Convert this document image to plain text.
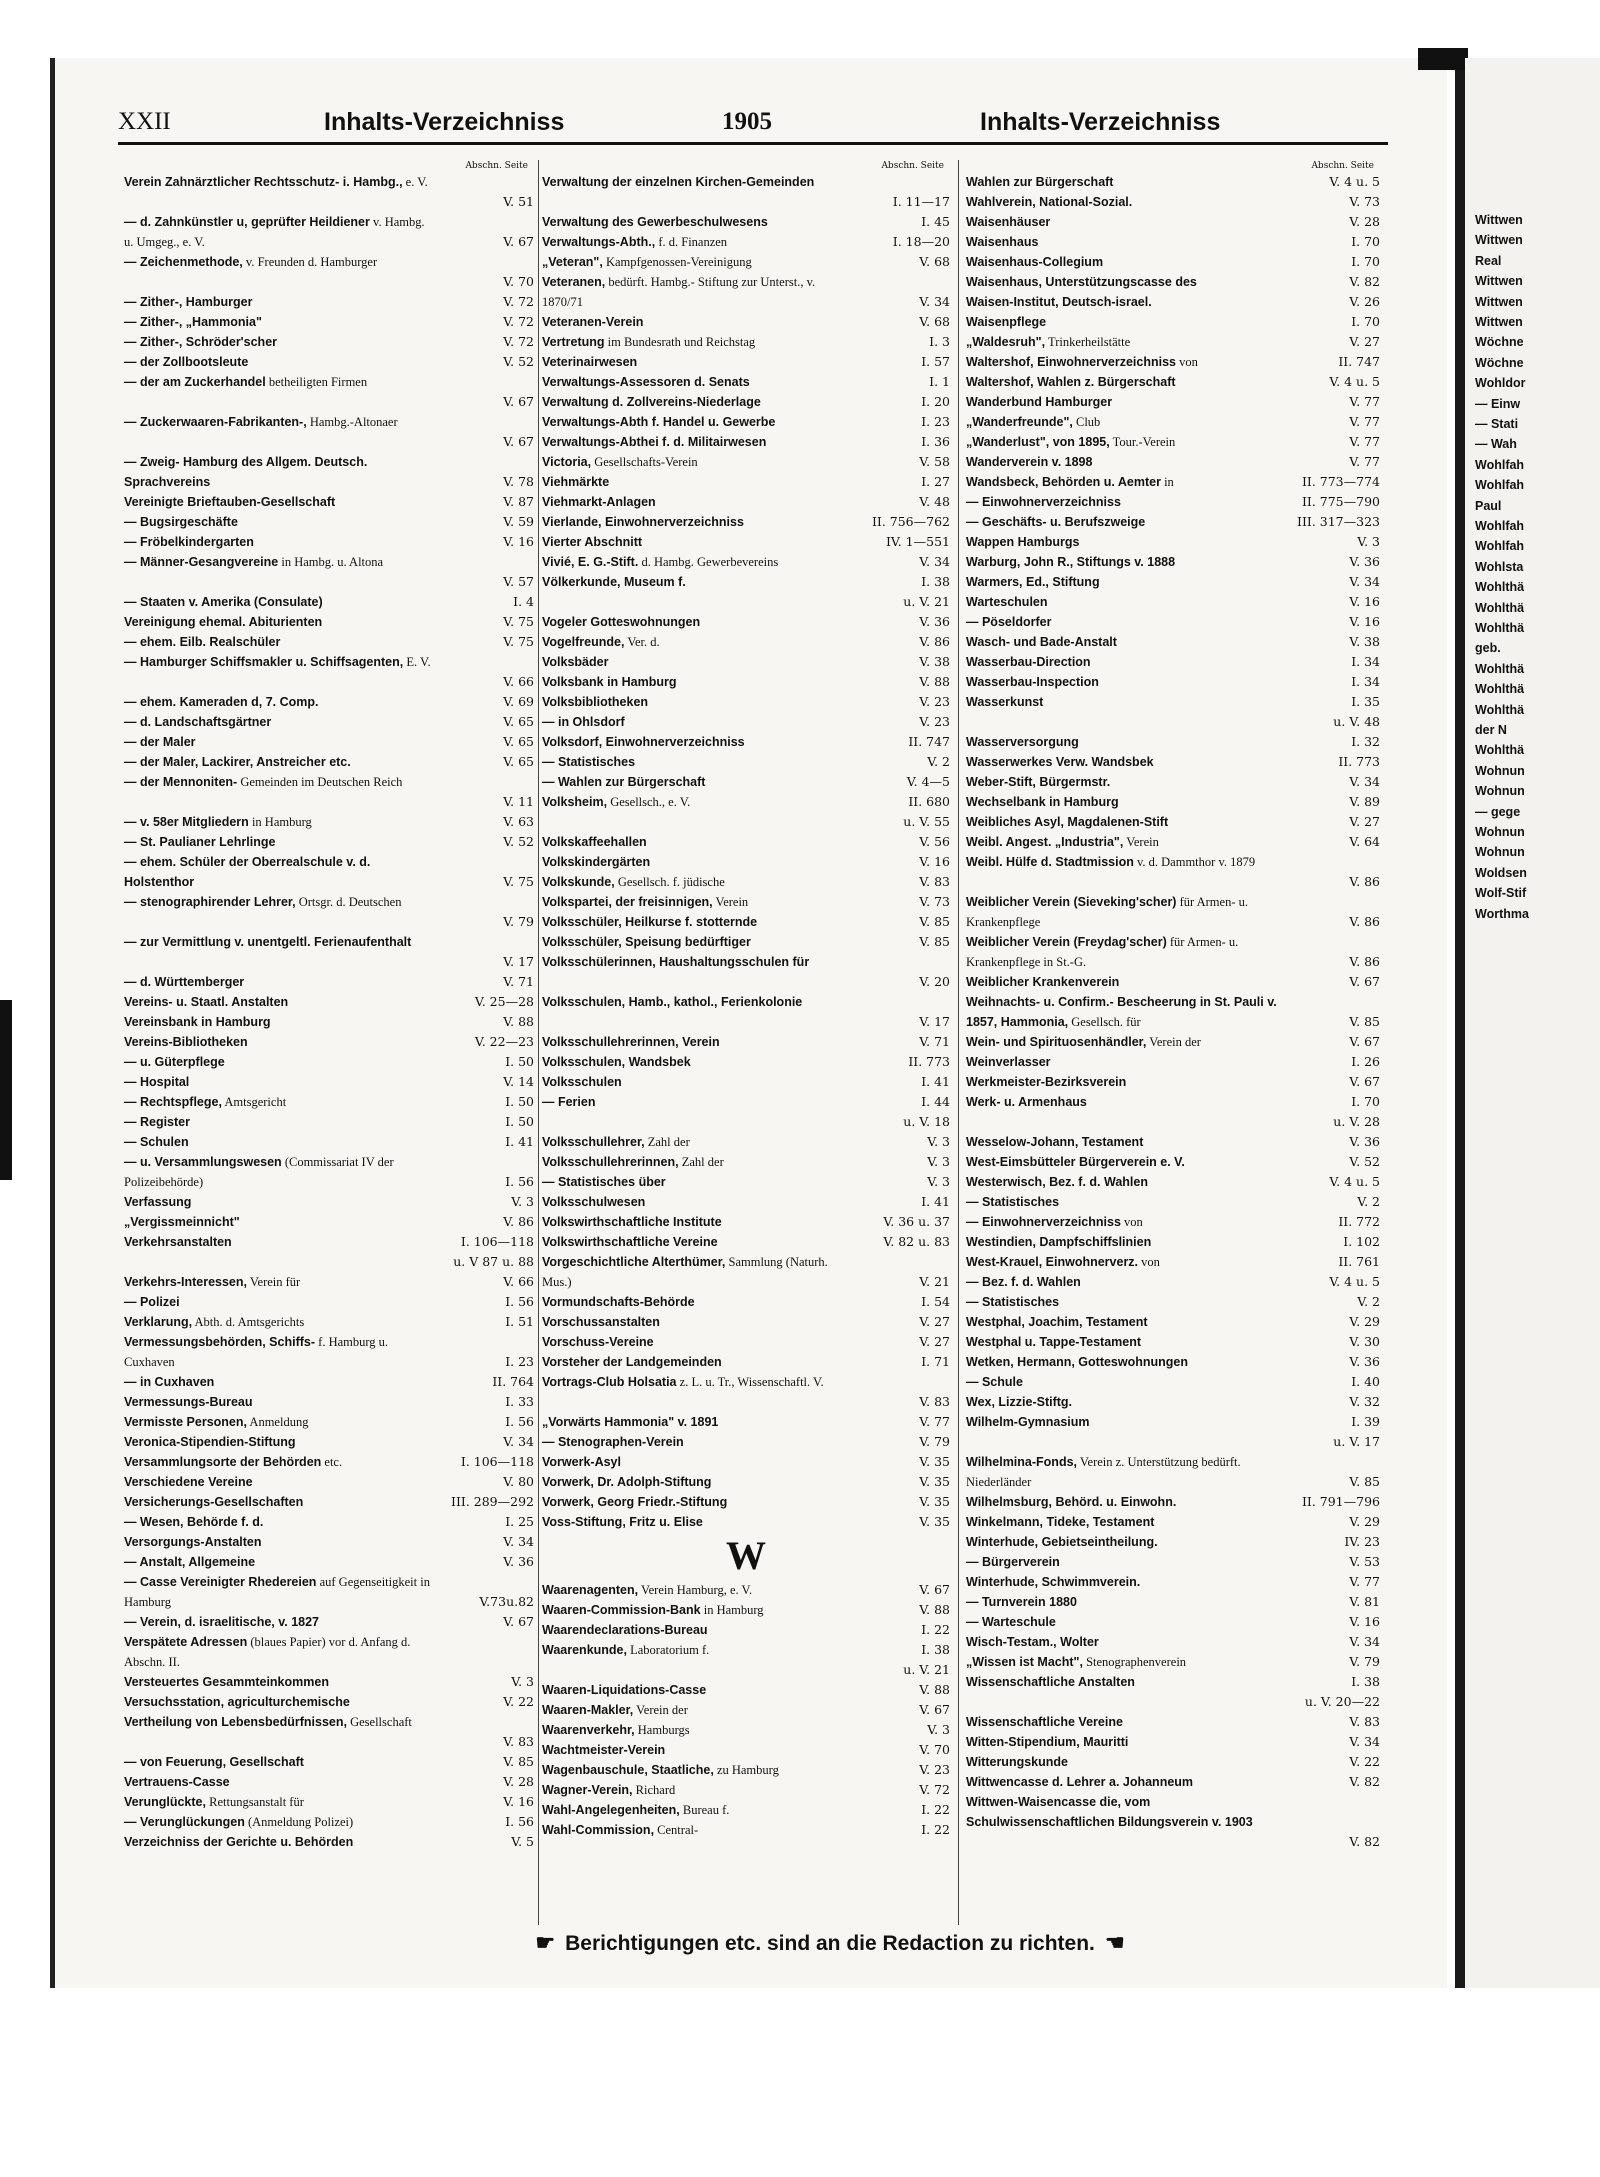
Wittwen
Wittwen
Real
Wittwen
Wittwen
Wittwen
Wöchne
Wöchne
Wohldor
— Einw
— Stati
— Wah
Wohlfah
Wohlfah
Paul
Wohlfah
Wohlfah
Wohlsta
Wohlthä
Wohlthä
Wohlthä
geb.
Wohlthä
Wohlthä
Wohlthä
der N
Wohlthä
Wohnun
Wohnun
— gege
Wohnun
Wohnun
Woldsen
Wolf-Stif
Worthma
XXII	Inhalts-Verzeichniss	1905	Inhalts-Verzeichniss
Abschn. Seite
Verein Zahnärztlicher Rechtsschutz- i. Hambg., e. V.
V. 51
— d. Zahnkünstler u, geprüfter Heildiener v. Hambg. u. Umgeg., e. V.	V. 67
— Zeichenmethode, v. Freunden d. Hamburger
V. 70
— Zither-, Hamburger	V. 72
— Zither-, „Hammonia"	V. 72
— Zither-, Schröder'scher	V. 72
— der Zollbootsleute	V. 52
— der am Zuckerhandel betheiligten Firmen
V. 67
— Zuckerwaaren-Fabrikanten-, Hambg.-Altonaer
V. 67
— Zweig- Hamburg des Allgem. Deutsch. Sprachvereins	V. 78
Vereinigte Brieftauben-Gesellschaft	V. 87
— Bugsirgeschäfte	V. 59
— Fröbelkindergarten	V. 16
— Männer-Gesangvereine in Hambg. u. Altona
V. 57
— Staaten v. Amerika (Consulate)	I. 4
Vereinigung ehemal. Abiturienten	V. 75
— ehem. Eilb. Realschüler	V. 75
— Hamburger Schiffsmakler u. Schiffsagenten, E. V.
V. 66
— ehem. Kameraden d, 7. Comp.	V. 69
— d. Landschaftsgärtner	V. 65
— der Maler	V. 65
— der Maler, Lackirer, Anstreicher etc.	V. 65
— der Mennoniten- Gemeinden im Deutschen Reich
V. 11
— v. 58er Mitgliedern in Hamburg	V. 63
— St. Paulianer Lehrlinge	V. 52
— ehem. Schüler der Oberrealschule v. d. Holstenthor	V. 75
— stenographirender Lehrer, Ortsgr. d. Deutschen
V. 79
— zur Vermittlung v. unentgeltl. Ferienaufenthalt
V. 17
— d. Württemberger	V. 71
Vereins- u. Staatl. Anstalten	V. 25—28
Vereinsbank in Hamburg	V. 88
Vereins-Bibliotheken	V. 22—23
— u. Güterpflege	I. 50
— Hospital	V. 14
— Rechtspflege, Amtsgericht	I. 50
— Register	I. 50
— Schulen	I. 41
— u. Versammlungswesen (Commissariat IV der Polizeibehörde)	I. 56
Verfassung	V. 3
„Vergissmeinnicht"	V. 86
Verkehrsanstalten	I. 106—118
u. V 87 u. 88
Verkehrs-Interessen, Verein für	V. 66
— Polizei	I. 56
Verklarung, Abth. d. Amtsgerichts	I. 51
Vermessungsbehörden, Schiffs- f. Hamburg u. Cuxhaven	I. 23
— in Cuxhaven	II. 764
Vermessungs-Bureau	I. 33
Vermisste Personen, Anmeldung	I. 56
Veronica-Stipendien-Stiftung	V. 34
Versammlungsorte der Behörden etc.	I. 106—118
Verschiedene Vereine	V. 80
Versicherungs-Gesellschaften	III. 289—292
— Wesen, Behörde f. d.	I. 25
Versorgungs-Anstalten	V. 34
— Anstalt, Allgemeine	V. 36
— Casse Vereinigter Rhedereien auf Gegenseitigkeit in Hamburg	V.73u.82
— Verein, d. israelitische, v. 1827	V. 67
Verspätete Adressen (blaues Papier) vor d. Anfang d. Abschn. II.
Versteuertes Gesammteinkommen	V. 3
Versuchsstation, agriculturchemische	V. 22
Vertheilung von Lebensbedürfnissen, Gesellschaft
V. 83
— von Feuerung, Gesellschaft	V. 85
Vertrauens-Casse	V. 28
Verunglückte, Rettungsanstalt für	V. 16
— Verunglückungen (Anmeldung Polizei)	I. 56
Verzeichniss der Gerichte u. Behörden	V. 5
Abschn. Seite
Verwaltung der einzelnen Kirchen-Gemeinden
I. 11—17
Verwaltung des Gewerbeschulwesens	I. 45
Verwaltungs-Abth., f. d. Finanzen	I. 18—20
„Veteran", Kampfgenossen-Vereinigung	V. 68
Veteranen, bedürft. Hambg.- Stiftung zur Unterst., v. 1870/71	V. 34
Veteranen-Verein	V. 68
Vertretung im Bundesrath und Reichstag	I. 3
Veterinairwesen	I. 57
Verwaltungs-Assessoren d. Senats	I. 1
Verwaltung d. Zollvereins-Niederlage	I. 20
Verwaltungs-Abth f. Handel u. Gewerbe	I. 23
Verwaltungs-Abthei f. d. Militairwesen	I. 36
Victoria, Gesellschafts-Verein	V. 58
Viehmärkte	I. 27
Viehmarkt-Anlagen	V. 48
Vierlande, Einwohnerverzeichniss	II. 756—762
Vierter Abschnitt	IV. 1—551
Vivié, E. G.-Stift. d. Hambg. Gewerbevereins	V. 34
Völkerkunde, Museum f.	I. 38
u. V. 21
Vogeler Gotteswohnungen	V. 36
Vogelfreunde, Ver. d.	V. 86
Volksbäder	V. 38
Volksbank in Hamburg	V. 88
Volksbibliotheken	V. 23
— in Ohlsdorf	V. 23
Volksdorf, Einwohnerverzeichniss	II. 747
— Statistisches	V. 2
— Wahlen zur Bürgerschaft	V. 4—5
Volksheim, Gesellsch., e. V.	II. 680
u. V. 55
Volkskaffeehallen	V. 56
Volkskindergärten	V. 16
Volkskunde, Gesellsch. f. jüdische	V. 83
Volkspartei, der freisinnigen, Verein	V. 73
Volksschüler, Heilkurse f. stotternde	V. 85
Volksschüler, Speisung bedürftiger	V. 85
Volksschülerinnen, Haushaltungsschulen für
V. 20
Volksschulen, Hamb., kathol., Ferienkolonie
V. 17
Volksschullehrerinnen, Verein	V. 71
Volksschulen, Wandsbek	II. 773
Volksschulen	I. 41
— Ferien	I. 44
u. V. 18
Volksschullehrer, Zahl der	V. 3
Volksschullehrerinnen, Zahl der	V. 3
— Statistisches über	V. 3
Volksschulwesen	I. 41
Volkswirthschaftliche Institute	V. 36 u. 37
Volkswirthschaftliche Vereine	V. 82 u. 83
Vorgeschichtliche Alterthümer, Sammlung (Naturh. Mus.)	V. 21
Vormundschafts-Behörde	I. 54
Vorschussanstalten	V. 27
Vorschuss-Vereine	V. 27
Vorsteher der Landgemeinden	I. 71
Vortrags-Club Holsatia z. L. u. Tr., Wissenschaftl. V.
V. 83
„Vorwärts Hammonia" v. 1891	V. 77
— Stenographen-Verein	V. 79
Vorwerk-Asyl	V. 35
Vorwerk, Dr. Adolph-Stiftung	V. 35
Vorwerk, Georg Friedr.-Stiftung	V. 35
Voss-Stiftung, Fritz u. Elise	V. 35
W
Waarenagenten, Verein Hamburg, e. V.	V. 67
Waaren-Commission-Bank in Hamburg	V. 88
Waarendeclarations-Bureau	I. 22
Waarenkunde, Laboratorium f.	I. 38
u. V. 21
Waaren-Liquidations-Casse	V. 88
Waaren-Makler, Verein der	V. 67
Waarenverkehr, Hamburgs	V. 3
Wachtmeister-Verein	V. 70
Wagenbauschule, Staatliche, zu Hamburg	V. 23
Wagner-Verein, Richard	V. 72
Wahl-Angelegenheiten, Bureau f.	I. 22
Wahl-Commission, Central-	I. 22
Abschn. Seite
Wahlen zur Bürgerschaft	V. 4 u. 5
Wahlverein, National-Sozial.	V. 73
Waisenhäuser	V. 28
Waisenhaus	I. 70
Waisenhaus-Collegium	I. 70
Waisenhaus, Unterstützungscasse des	V. 82
Waisen-Institut, Deutsch-israel.	V. 26
Waisenpflege	I. 70
„Waldesruh", Trinkerheilstätte	V. 27
Waltershof, Einwohnerverzeichniss von	II. 747
Waltershof, Wahlen z. Bürgerschaft	V. 4 u. 5
Wanderbund Hamburger	V. 77
„Wanderfreunde", Club	V. 77
„Wanderlust", von 1895, Tour.-Verein	V. 77
Wanderverein v. 1898	V. 77
Wandsbeck, Behörden u. Aemter in	II. 773—774
— Einwohnerverzeichniss	II. 775—790
— Geschäfts- u. Berufszweige	III. 317—323
Wappen Hamburgs	V. 3
Warburg, John R., Stiftungs v. 1888	V. 36
Warmers, Ed., Stiftung	V. 34
Warteschulen	V. 16
— Pöseldorfer	V. 16
Wasch- und Bade-Anstalt	V. 38
Wasserbau-Direction	I. 34
Wasserbau-Inspection	I. 34
Wasserkunst	I. 35
u. V. 48
Wasserversorgung	I. 32
Wasserwerkes Verw. Wandsbek	II. 773
Weber-Stift, Bürgermstr.	V. 34
Wechselbank in Hamburg	V. 89
Weibliches Asyl, Magdalenen-Stift	V. 27
Weibl. Angest. „Industria", Verein	V. 64
Weibl. Hülfe d. Stadtmission v. d. Dammthor v. 1879
V. 86
Weiblicher Verein (Sieveking'scher) für Armen- u. Krankenpflege	V. 86
Weiblicher Verein (Freydag'scher) für Armen- u. Krankenpflege in St.-G.	V. 86
Weiblicher Krankenverein	V. 67
Weihnachts- u. Confirm.- Bescheerung in St. Pauli v. 1857, Hammonia, Gesellsch. für	V. 85
Wein- und Spirituosenhändler, Verein der	V. 67
Weinverlasser	I. 26
Werkmeister-Bezirksverein	V. 67
Werk- u. Armenhaus	I. 70
u. V. 28
Wesselow-Johann, Testament	V. 36
West-Eimsbütteler Bürgerverein e. V.	V. 52
Westerwisch, Bez. f. d. Wahlen	V. 4 u. 5
— Statistisches	V. 2
— Einwohnerverzeichniss von	II. 772
Westindien, Dampfschiffslinien	I. 102
West-Krauel, Einwohnerverz. von	II. 761
— Bez. f. d. Wahlen	V. 4 u. 5
— Statistisches	V. 2
Westphal, Joachim, Testament	V. 29
Westphal u. Tappe-Testament	V. 30
Wetken, Hermann, Gotteswohnungen	V. 36
— Schule	I. 40
Wex, Lizzie-Stiftg.	V. 32
Wilhelm-Gymnasium	I. 39
u. V. 17
Wilhelmina-Fonds, Verein z. Unterstützung bedürft. Niederländer	V. 85
Wilhelmsburg, Behörd. u. Einwohn.	II. 791—796
Winkelmann, Tideke, Testament	V. 29
Winterhude, Gebietseintheilung.	IV. 23
— Bürgerverein	V. 53
Winterhude, Schwimmverein.	V. 77
— Turnverein 1880	V. 81
— Warteschule	V. 16
Wisch-Testam., Wolter	V. 34
„Wissen ist Macht", Stenographenverein	V. 79
Wissenschaftliche Anstalten	I. 38
u. V. 20—22
Wissenschaftliche Vereine	V. 83
Witten-Stipendium, Mauritti	V. 34
Witterungskunde	V. 22
Wittwencasse d. Lehrer a. Johanneum	V. 82
Wittwen-Waisencasse die, vom Schulwissenschaftlichen Bildungsverein v. 1903
V. 82
☛ Berichtigungen etc. sind an die Redaction zu richten. ☛
